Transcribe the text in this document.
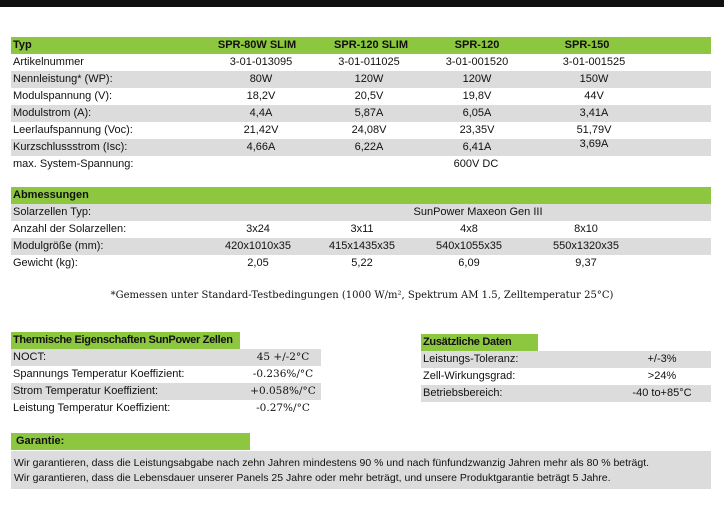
Typ	SPR-80W SLIM	SPR-120 SLIM	SPR-120	SPR-150
Artikelnummer	3-01-013095	3-01-011025	3-01-001520	3-01-001525
Nennleistung* (WP):	80W	120W	120W	150W
Modulspannung (V):	18,2V	20,5V	19,8V	44V
Modulstrom (A):	4,4A	5,87A	6,05A	3,41A
Leerlaufspannung (Voc):	21,42V	24,08V	23,35V	51,79V
Kurzschlussstrom (Isc):	4,66A	6,22A	6,41A	3,69A
max. System-Spannung:	600V DC
Abmessungen
Solarzellen Typ:	SunPower Maxeon Gen III
Anzahl der Solarzellen:	3x24	3x11	4x8	8x10
Modulgröße (mm):	420x1010x35	415x1435x35	540x1055x35	550x1320x35
Gewicht (kg):	2,05	5,22	6,09	9,37
*Gemessen unter Standard-Testbedingungen (1000 W/m², Spektrum AM 1.5, Zelltemperatur 25°C)
Thermische Eigenschaften SunPower Zellen
NOCT:	45 +/-2°C
Spannungs Temperatur Koeffizient:	-0.236%/°C
Strom Temperatur Koeffizient:	+0.058%/°C
Leistung Temperatur Koeffizient:	-0.27%/°C
Zusätzliche Daten
Leistungs-Toleranz:	+/-3%
Zell-Wirkungsgrad:	>24%
Betriebsbereich:	-40 to+85°C
Garantie:
Wir garantieren, dass die Leistungsabgabe nach zehn Jahren mindestens 90 % und nach fünfundzwanzig Jahren mehr als 80 % beträgt.
Wir garantieren, dass die Lebensdauer unserer Panels 25 Jahre oder mehr beträgt, und unsere Produktgarantie beträgt 5 Jahre.
